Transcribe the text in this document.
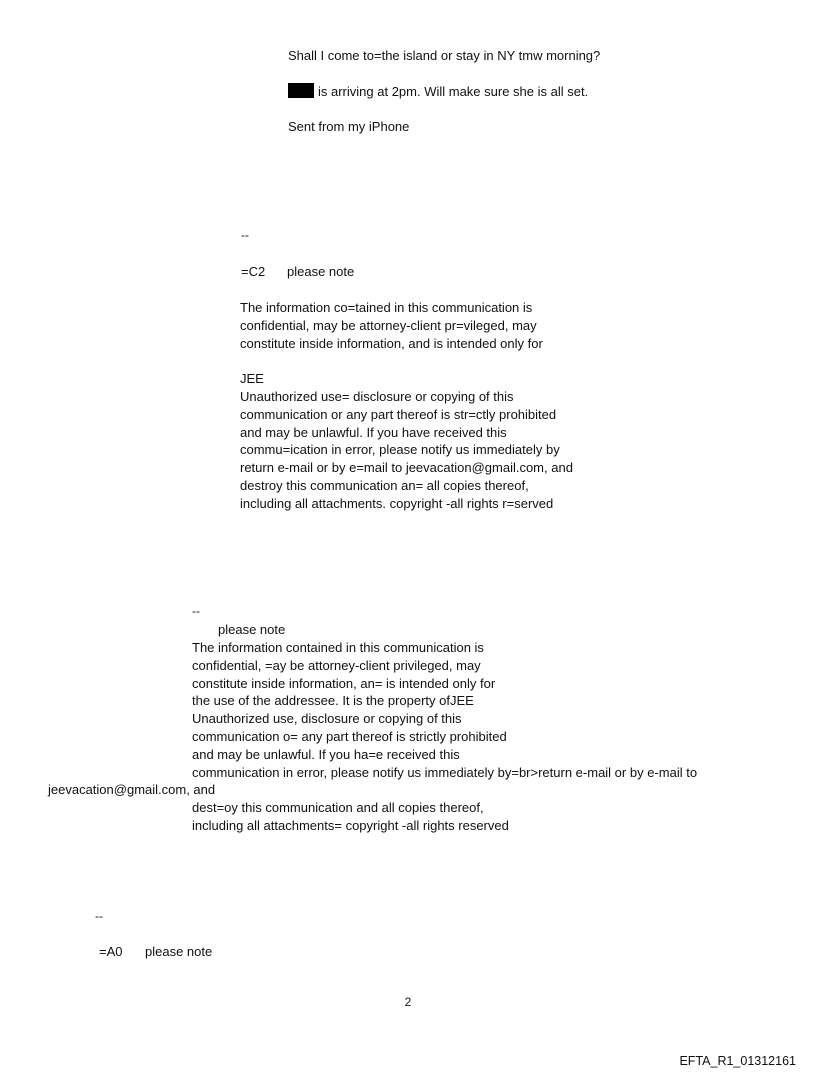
Shall I come to=the island or stay in NY tmw morning?
is arriving at 2pm. Will make sure she is all set.
Sent from my iPhone
--
=C2 please note
The information co=tained in this communication is
confidential, may be attorney-client pr=vileged, may
constitute inside information, and is intended only for
JEE
Unauthorized use= disclosure or copying of this
communication or any part thereof is str=ctly prohibited
and may be unlawful. If you have received this
commu=ication in error, please notify us immediately by
return e-mail or by e=mail to jeevacation@gmail.com, and
destroy this communication an= all copies thereof,
including all attachments. copyright -all rights r=served
--
please note
The information contained in this communication is
confidential, =ay be attorney-client privileged, may
constitute inside information, an= is intended only for
the use of the addressee. It is the property ofJEE
Unauthorized use, disclosure or copying of this
communication o= any part thereof is strictly prohibited
and may be unlawful. If you ha=e received this
communication in error, please notify us immediately by=br>return e-mail or by e-mail to
jeevacation@gmail.com, and
dest=oy this communication and all copies thereof,
including all attachments= copyright -all rights reserved
--
=A0 please note
2
EFTA_R1_01312161
